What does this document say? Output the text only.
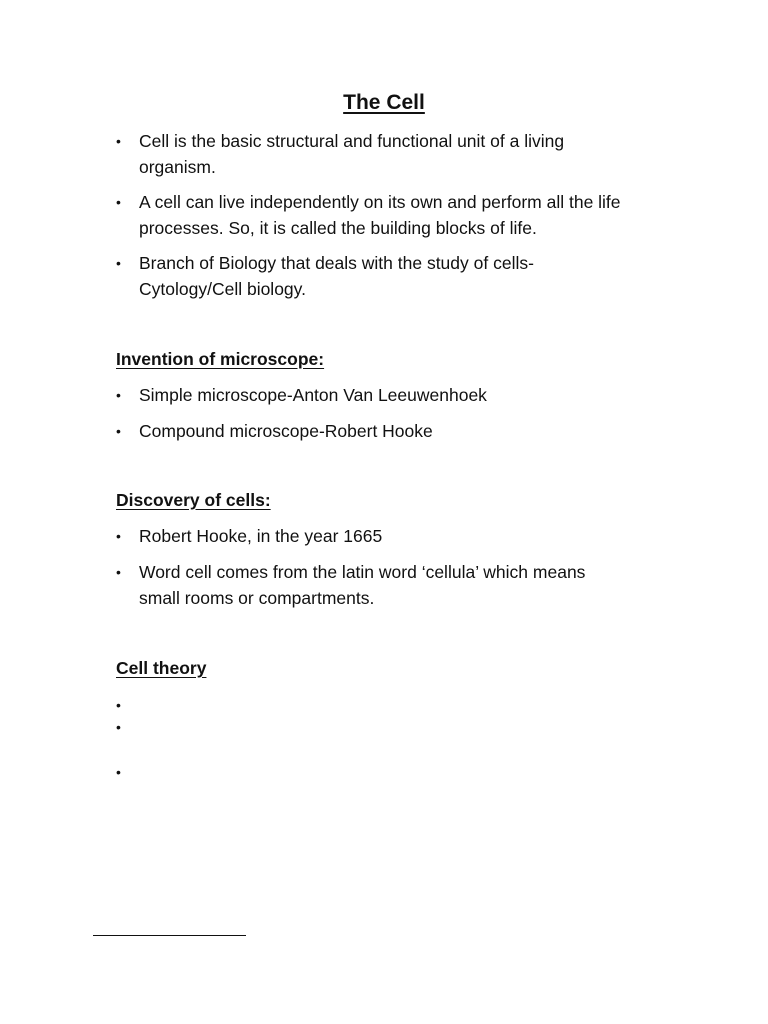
The Cell
• Cell is the basic structural and functional unit of a living
organism.
• A cell can live independently on its own and perform all the life
processes. So, it is called the building blocks of life.
• Branch of Biology that deals with the study of cells-
Cytology/Cell biology.
Invention of microscope:
• Simple microscope-Anton Van Leeuwenhoek
• Compound microscope-Robert Hooke
Discovery of cells:
• Robert Hooke, in the year 1665
• Word cell comes from the latin word ‘cellula’ which means
small rooms or compartments.
Cell theory
•
•
•
